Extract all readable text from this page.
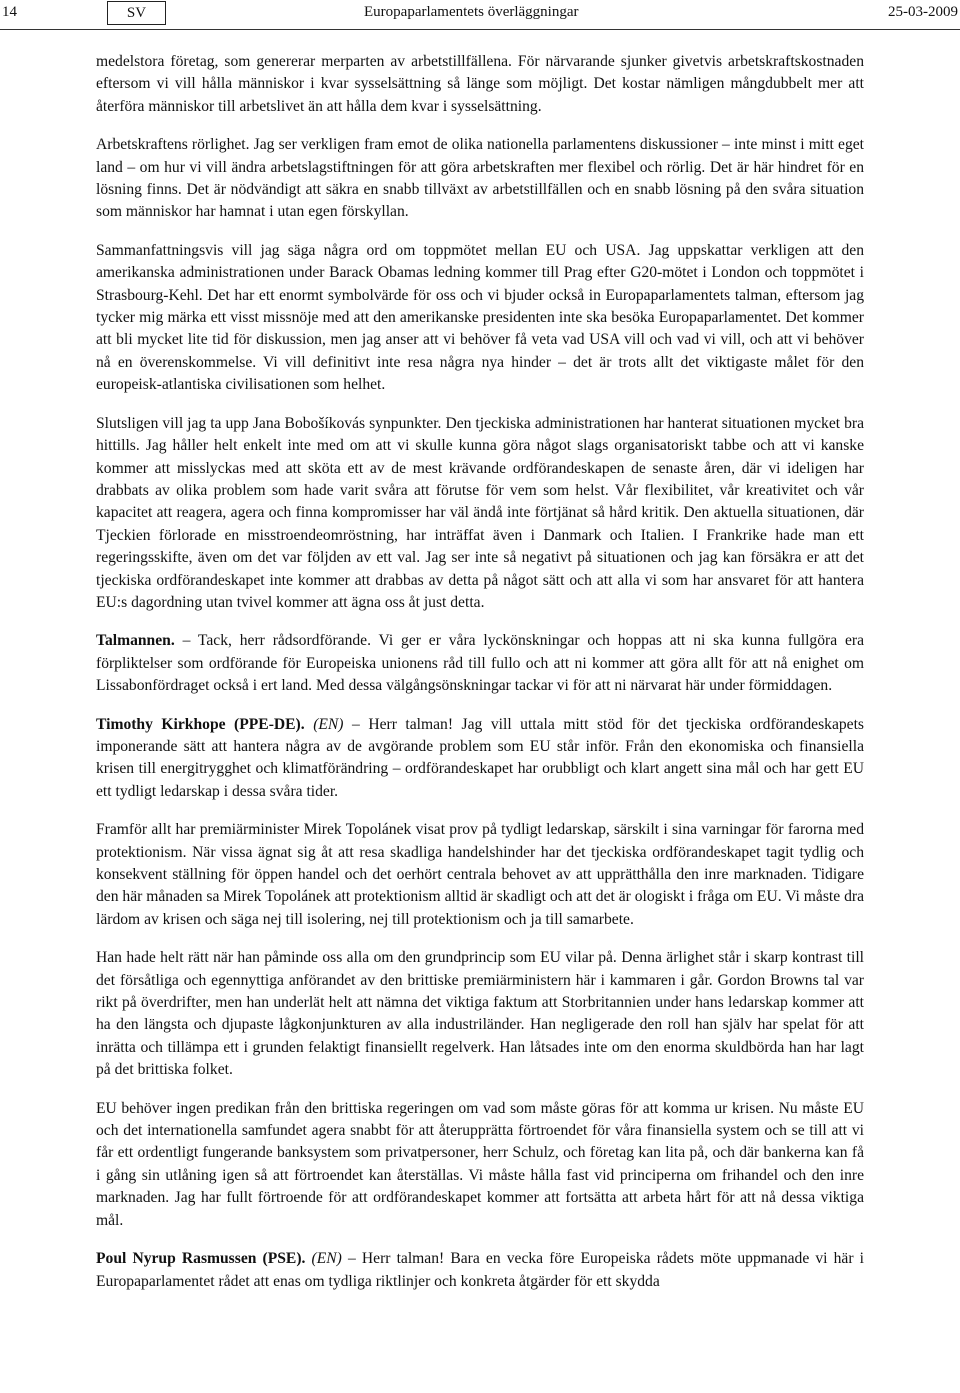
14	SV	Europaparlamentets överläggningar	25-03-2009

medelstora företag, som genererar merparten av arbetstillfällena. För närvarande sjunker givetvis arbetskraftskostnaden eftersom vi vill hålla människor i kvar sysselsättning så länge som möjligt. Det kostar nämligen mångdubbelt mer att återföra människor till arbetslivet än att hålla dem kvar i sysselsättning.

Arbetskraftens rörlighet. Jag ser verkligen fram emot de olika nationella parlamentens diskussioner – inte minst i mitt eget land – om hur vi vill ändra arbetslagstiftningen för att göra arbetskraften mer flexibel och rörlig. Det är här hindret för en lösning finns. Det är nödvändigt att säkra en snabb tillväxt av arbetstillfällen och en snabb lösning på den svåra situation som människor har hamnat i utan egen förskyllan.

Sammanfattningsvis vill jag säga några ord om toppmötet mellan EU och USA. Jag uppskattar verkligen att den amerikanska administrationen under Barack Obamas ledning kommer till Prag efter G20-mötet i London och toppmötet i Strasbourg-Kehl. Det har ett enormt symbolvärde för oss och vi bjuder också in Europaparlamentets talman, eftersom jag tycker mig märka ett visst missnöje med att den amerikanske presidenten inte ska besöka Europaparlamentet. Det kommer att bli mycket lite tid för diskussion, men jag anser att vi behöver få veta vad USA vill och vad vi vill, och att vi behöver nå en överenskommelse. Vi vill definitivt inte resa några nya hinder – det är trots allt det viktigaste målet för den europeisk-atlantiska civilisationen som helhet.

Slutsligen vill jag ta upp Jana Bobošíkovás synpunkter. Den tjeckiska administrationen har hanterat situationen mycket bra hittills. Jag håller helt enkelt inte med om att vi skulle kunna göra något slags organisatoriskt tabbe och att vi kanske kommer att misslyckas med att sköta ett av de mest krävande ordförandeskapen de senaste åren, där vi ideligen har drabbats av olika problem som hade varit svåra att förutse för vem som helst. Vår flexibilitet, vår kreativitet och vår kapacitet att reagera, agera och finna kompromisser har väl ändå inte förtjänat så hård kritik. Den aktuella situationen, där Tjeckien förlorade en misstroendeomröstning, har inträffat även i Danmark och Italien. I Frankrike hade man ett regeringsskifte, även om det var följden av ett val. Jag ser inte så negativt på situationen och jag kan försäkra er att det tjeckiska ordförandeskapet inte kommer att drabbas av detta på något sätt och att alla vi som har ansvaret för att hantera EU:s dagordning utan tvivel kommer att ägna oss åt just detta.

Talmannen. – Tack, herr rådsordförande. Vi ger er våra lyckönskningar och hoppas att ni ska kunna fullgöra era förpliktelser som ordförande för Europeiska unionens råd till fullo och att ni kommer att göra allt för att nå enighet om Lissabonfördraget också i ert land. Med dessa välgångsönskningar tackar vi för att ni närvarat här under förmiddagen.

Timothy Kirkhope (PPE-DE). (EN) – Herr talman! Jag vill uttala mitt stöd för det tjeckiska ordförandeskapets imponerande sätt att hantera några av de avgörande problem som EU står inför. Från den ekonomiska och finansiella krisen till energitrygghet och klimatförändring – ordförandeskapet har orubbligt och klart angett sina mål och har gett EU ett tydligt ledarskap i dessa svåra tider.

Framför allt har premiärminister Mirek Topolánek visat prov på tydligt ledarskap, särskilt i sina varningar för farorna med protektionism. När vissa ägnat sig åt att resa skadliga handelshinder har det tjeckiska ordförandeskapet tagit tydlig och konsekvent ställning för öppen handel och det oerhört centrala behovet av att upprätthålla den inre marknaden. Tidigare den här månaden sa Mirek Topolánek att protektionism alltid är skadligt och att det är ologiskt i fråga om EU. Vi måste dra lärdom av krisen och säga nej till isolering, nej till protektionism och ja till samarbete.

Han hade helt rätt när han påminde oss alla om den grundprincip som EU vilar på. Denna ärlighet står i skarp kontrast till det försåtliga och egennyttiga anförandet av den brittiske premiärministern här i kammaren i går. Gordon Browns tal var rikt på överdrifter, men han underlät helt att nämna det viktiga faktum att Storbritannien under hans ledarskap kommer att ha den längsta och djupaste lågkonjunkturen av alla industriländer. Han negligerade den roll han själv har spelat för att inrätta och tillämpa ett i grunden felaktigt finansiellt regelverk. Han låtsades inte om den enorma skuldbörda han har lagt på det brittiska folket.

EU behöver ingen predikan från den brittiska regeringen om vad som måste göras för att komma ur krisen. Nu måste EU och det internationella samfundet agera snabbt för att återupprätta förtroendet för våra finansiella system och se till att vi får ett ordentligt fungerande banksystem som privatpersoner, herr Schulz, och företag kan lita på, och där bankerna kan få i gång sin utlåning igen så att förtroendet kan återställas. Vi måste hålla fast vid principerna om frihandel och den inre marknaden. Jag har fullt förtroende för att ordförandeskapet kommer att fortsätta att arbeta hårt för att nå dessa viktiga mål.

Poul Nyrup Rasmussen (PSE). (EN) – Herr talman! Bara en vecka före Europeiska rådets möte uppmanade vi här i Europaparlamentet rådet att enas om tydliga riktlinjer och konkreta åtgärder för ett skydda
